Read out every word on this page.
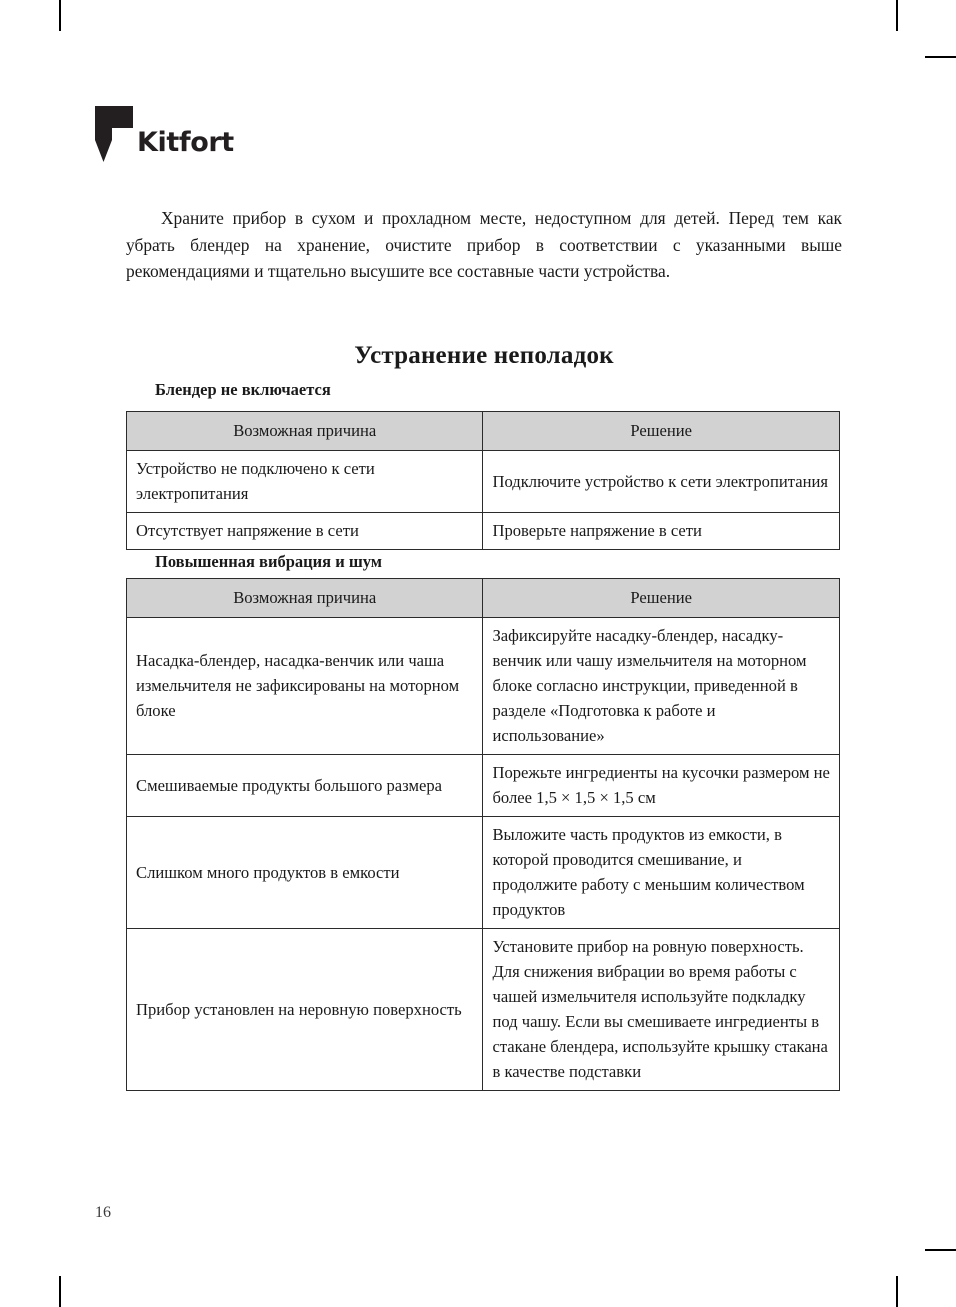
Kitfort

Храните прибор в сухом и прохладном месте, недоступном для детей. Перед тем как убрать блендер на хранение, очистите прибор в соответствии с указанными выше рекомендациями и тщательно высушите все составные части устройства.

Устранение неполадок
Блендер не включается
Возможная причина	Решение
Устройство не подключено к сети электропитания	Подключите устройство к сети электропитания
Отсутствует напряжение в сети	Проверьте напряжение в сети
Повышенная вибрация и шум
Возможная причина	Решение
Насадка-блендер, насадка-венчик или чаша измельчителя не зафиксированы на моторном блоке	Зафиксируйте насадку-блендер, насадку-венчик или чашу измельчителя на моторном блоке согласно инструкции, приведенной в разделе «Подготовка к работе и использование»
Смешиваемые продукты большого размера	Порежьте ингредиенты на кусочки размером не более 1,5 × 1,5 × 1,5 см
Слишком много продуктов в емкости	Выложите часть продуктов из емкости, в которой проводится смешивание, и продолжите работу с меньшим количеством продуктов
Прибор установлен на неровную поверхность	Установите прибор на ровную поверхность. Для снижения вибрации во время работы с чашей измельчителя используйте подкладку под чашу. Если вы смешиваете ингредиенты в стакане блендера, используйте крышку стакана в качестве подставки
16
